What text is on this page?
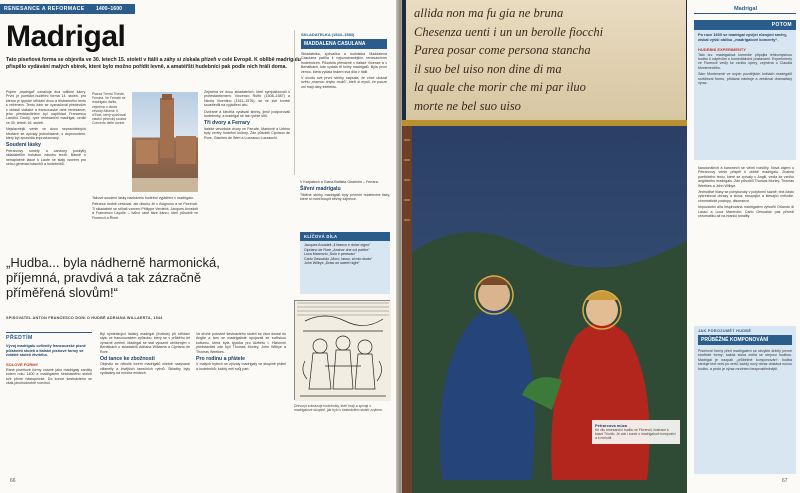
RENESANCE A REFORMACE 1400–1600
Madrigal
Tato píseňová forma se objevila ve 30. letech 15. století v Itálii a záhy si získala přízeň v celé Evropě. K oblibě madrigalu přispělo vydávání malých sbírek, které bylo možno pořídit levně, a amatéřští hudebníci pak podle nich hráli doma.

Pojem „madrigal“ označuje dva odlišné žánry. První je poetické-hudební forma 14. století, pro kterou je typické střídání dvou a třístranného textu s refrénem. Tento žánr se vyznačoval především v oblasti vlašské a francouzské rané renesance; jeho představitelem byl například Francesco Landini. Druhý, ryze renesanční madrigal, vznikl ve 30. letech 16. století.

Nejslavnější verše ve dvou nepravidelných strofách se zpívaly jednohlasně, s doprovodem, který byl zpravidla improvizovaný.

Soudení lásky

Petrarcovy sonety a canzony poskytly skladatelům bohatou zásobu textů. Básně o nenaplněné lásce k Lauře se staly vzorem pro celou generaci básníků a hudebníků.

Piazza Trento Trieste, Ferrara. Ve Ferraře se madrigalu dařilo, zejména u dvora vévody Alfonse II. d’Este, který vydržoval vlastní pěvecký soubor Concerto delle donne.

Takové soudení lásky nacházelo hudební vyjádření v madrigalu.

Petrarca hodně cestoval, ale dlouho žil v Avignonu a ve Florencii. Ti skladatelé se stíhali vzorem Philippe Verdelot, Jacques Arcadelt a Francesco Layolle – tvůrci rané fáze žánru, kteří působili ve Florencii a Římě.

Zejména ve dvou skladatelích, kteří sympatizovali s protestantismem: Vincenzo Ruffo (1508–1587) a Nicola Vicentino (1511–1576), se ve své tvorbě soustředili na vyjádření citu.

Dvořané a šlechta vydávali sbírky, jimiž podporovali hudebníky, a madrigal se tak rychle šířil.

Tři dvory a Ferrary

Italské vévodské dvory ve Ferraře, Mantově a Urbinu byly centry hudební kultury. Zde působili Cipriano de Rore, Giaches de Wert a Luzzasco Luzzaschi.

SKLADATELKA (1544–1583)
MADDALENA CASULANA

Skladatelka, zpěvačka a loutnistka Maddalena Casulana patřila k nejuznávanějším renesančním hudebnicím. Působila převážně v italské Vicenze a v Benátkách, kde vydala tři knihy madrigalů. Byla první ženou, která vydala tiskem svá díla v Itálii.

V úvodu své první sbírky napsala, že chce ukázat světu „marnou chybu mužů“, kteří si myslí, že pouze oni mají dary intelektu.

V Karpatech a Giana Battista Guarinim – Ferrara.

Šíření madrigalu

Tištěné sbírky madrigalů byly prvními hudebními tisky, které si mohl koupit běžný zájemce.

KLÍČOVÁ DÍLA
Jacques Arcadelt „Il bianco e dolce cigno“
Cipriano de Rore „Anchor che col partire“
Luca Marenzio „Solo e pensoso“
Carlo Gesualdo „Moro, lasso, al mio duolo“
John Wilbye „Draw on sweet night“
„Hudba... byla nádherně harmonická, příjemná, pravdivá a tak zázračně příměřená slovům!“
SPISOVATEL ANTON FRANCESCO DONI O HUDBĚ ADRIANA WILLAERTA, 1544
PŘEDTÍM
Vývoj madrigalu ovlivnily francouzské písně půlstoletí století a italské písňové formy se zvláště století čtvrtého.
SOLOVÉ FORMY
Rané píseňové formy známé jako madrigaly zaníkly kolem roku 1400 a madrigalem šestnáctého století své přímé nástupnické. Do konce šestnáctého se však plnohodnotně rozvinul.

Byl syntetizující italský madrigal (frottola) při střídání stylu ve francouzském způsobu, který se v průběhu let výrazně změnil. Madrigal se stal výrazně oblíbeným v Benátkách u skladatelů Adriana Willaerta a Cipriana de Rore.

Od tance ke zbožnosti

Objevilo se několik forem madrigalů včetně nazývané villanelly a živějších tanečních rytmů. Skladby byly vydávány na mnoha místech.

Ve druhé polovině šestnáctého století se žánr dostal do Anglie a tam se madrigalisté spojovali se světskou kulturou, která byla typická pro Alžbětu I. Hlavními představiteli zde byli Thomas Morley, John Wilbye a Thomas Weelkes.

Pro rodinu a přátele

V malých bytech se zpívaly madrigaly ve skupině přátel a hudebníků; každý měl svůj part.

Dřevoryt zobrazuje hudebníky, kteří hrají a zpívají v madrigalové skupině, jak bylo v šestnáctém století zvykem.
66
allida non ma fu gia ne bruna
Chesenza uenti i un un berolle fiocchi
Parea posar come persona stancha
il suo bel uiso non dine di ma
la quale che morir che mi par iluo
morte ne bel suo uiso
Petrarcova múza
Ke vilu renesanční hudbu ve Florencii, ilustrace k básni Trionfo. Je zde i sonet o madrigalové kompozici a k melodii.
Madrigal
POTOM
Po roce 1600 se madrigal vyvíjel různými směry, získal vyšší oblibu „madrigalové koncerty“.
HUDEBNÍ EXPERIMENTY

Tato tzv. madrigalová komedie připojila lehkomyslnou hudbu k nápěvům s komediálními postavami. Experimenty ve Florencii vedly ke vzniku opery, zejména u Claudia Monteverdiho.

Sám Monteverdi ve svých pozdějších knihách madrigalů rozšiřoval formu, přidával nástroje a zesiloval dramatický výraz.

kancionálech a kanonech se velmi rozšířily. Nová zájem o Petrarcovy verše přispěl k oblibě madrigalu. Znalost poetického textu, které se zpívaly v Anglii, vedla ke vzniku anglického madrigalu. Zde působili Thomas Morley, Thomas Weelkes a John Wilbye.

Jednotlivé hlasy se pohybovaly v polyfonní sazbě; text často vykresloval obrazy a slova: stoupající a klesající melodie, chromatické postupy, disonance.

Impozantní díla inspirovaná madrigalem vytvořili Orlando di Lasso a Luca Marenzio; Carlo Gesualdo pak přivedl chromatiku až na hranici tonality.

JAK POROZUMĚT HUDBĚ
PRŮBĚŽNÉ KOMPONOVÁNÍ
Píseňové formy před madrigalem se obvykle držely pevné strofické formy; každá sloka zněla se stejnou hudbou. Madrigal je naopak „průběžně komponován“: hudba sleduje text verš po verši, každý nový obraz dostává novou hudbu, a proto je výraz mnohem bezprostřednější.
67
